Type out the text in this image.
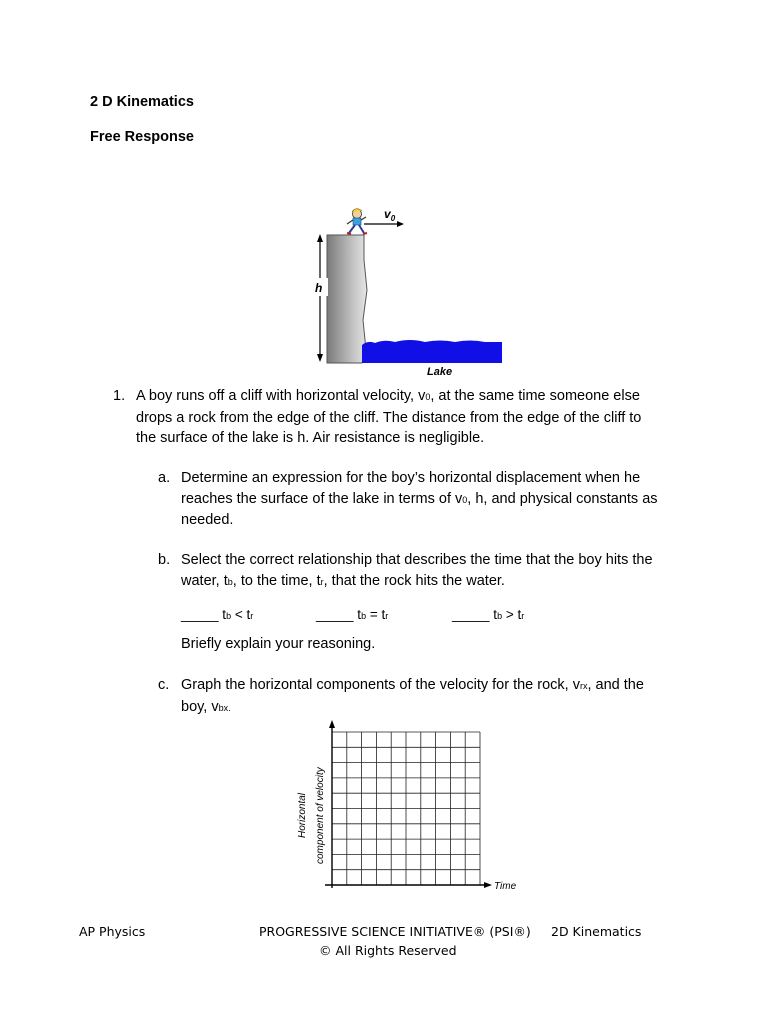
2 D Kinematics
Free Response
h
$v_0$
Lake
1. A boy runs off a cliff with horizontal velocity, v0, at the same time someone else
drops a rock from the edge of the cliff. The distance from the edge of the cliff to
the surface of the lake is h. Air resistance is negligible.
a. Determine an expression for the boy’s horizontal displacement when he
reaches the surface of the lake in terms of v0, h, and physical constants as
needed.
b. Select the correct relationship that describes the time that the boy hits the
water, tb, to the time, tr, that the rock hits the water.
_____ tb < tr	_____ tb = tr	_____ tb > tr
Briefly explain your reasoning.
c. Graph the horizontal components of the velocity for the rock, vrx, and the
boy, vbx.
Horizontal component of velocity
Time
AP Physics	PROGRESSIVE SCIENCE INITIATIVE® (PSI®) 2D Kinematics
© All Rights Reserved
